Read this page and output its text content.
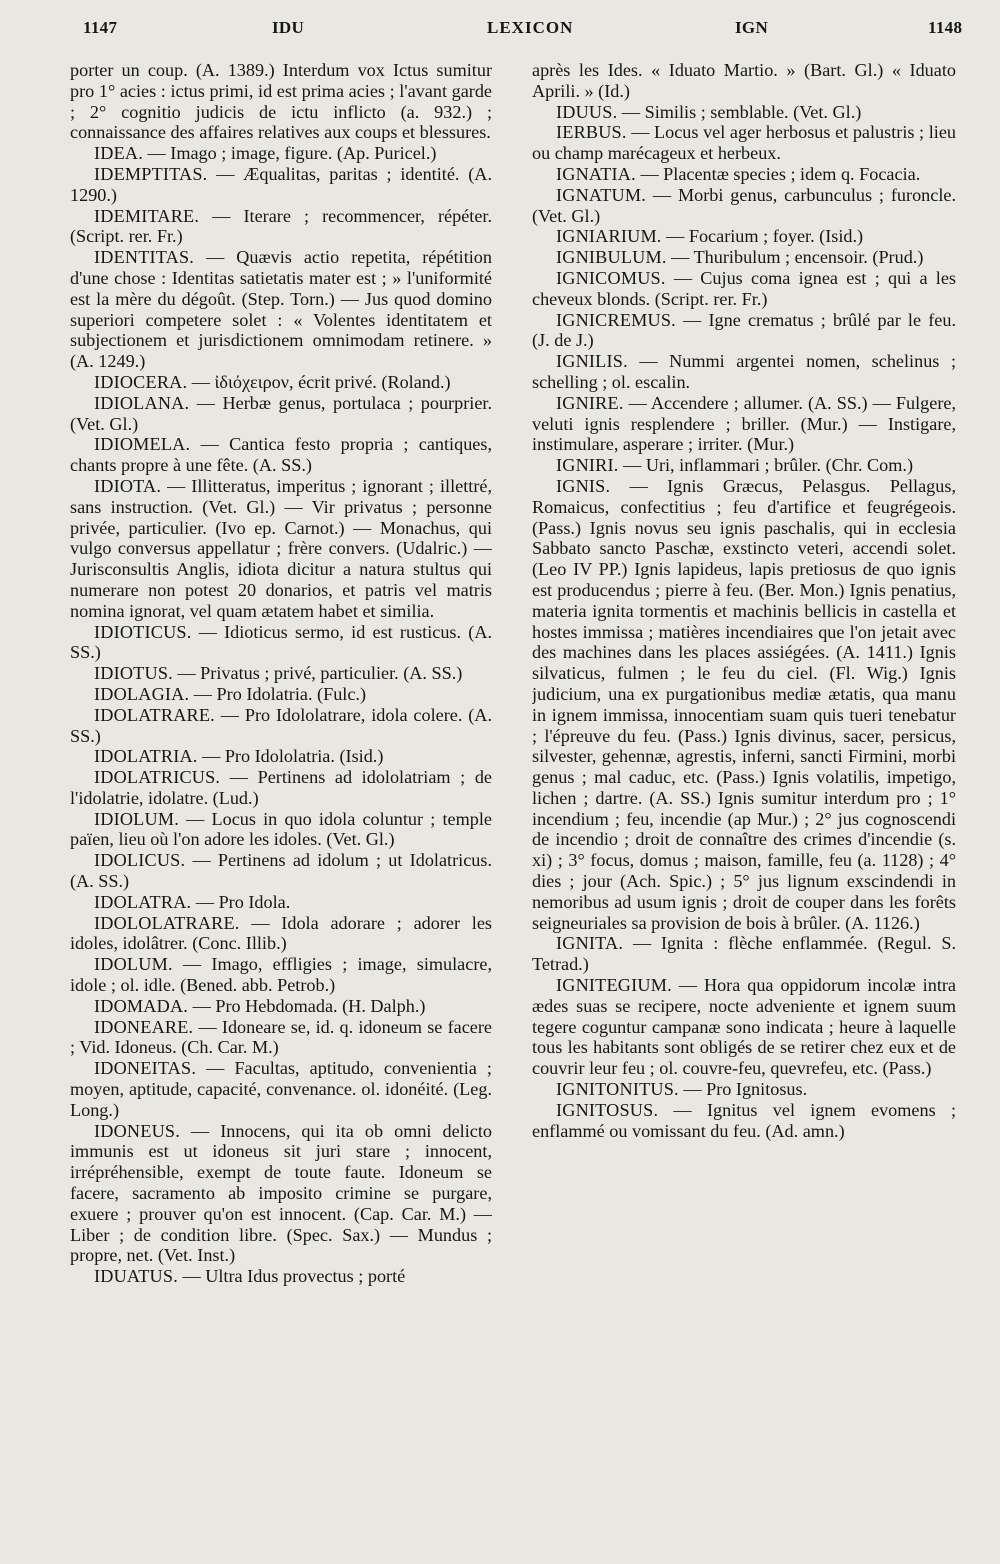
1147	IDU	LEXICON	IGN	1148

porter un coup. (A. 1389.) Interdum vox Ictus sumitur pro 1° acies : ictus primi, id est prima acies ; l'avant garde ; 2° cognitio judicis de ictu inflicto (a. 932.) ; connaissance des affaires relatives aux coups et blessures.

IDEA. — Imago ; image, figure. (Ap. Puricel.)

IDEMPTITAS. — Æqualitas, paritas ; identité. (A. 1290.)

IDEMITARE. — Iterare ; recommencer, répéter. (Script. rer. Fr.)

IDENTITAS. — Quævis actio repetita, répétition d'une chose : Identitas satietatis mater est ; » l'uniformité est la mère du dégoût. (Step. Torn.) — Jus quod domino superiori competere solet : « Volentes identitatem et subjectionem et jurisdictionem omnimodam retinere. » (A. 1249.)

IDIOCERA. — ἰδιόχειρον, écrit privé. (Roland.)

IDIOLANA. — Herbæ genus, portulaca ; pourprier. (Vet. Gl.)

IDIOMELA. — Cantica festo propria ; cantiques, chants propre à une fête. (A. SS.)

IDIOTA. — Illitteratus, imperitus ; ignorant ; illettré, sans instruction. (Vet. Gl.) — Vir privatus ; personne privée, particulier. (Ivo ep. Carnot.) — Monachus, qui vulgo conversus appellatur ; frère convers. (Udalric.) — Jurisconsultis Anglis, idiota dicitur a natura stultus qui numerare non potest 20 donarios, et patris vel matris nomina ignorat, vel quam ætatem habet et similia.

IDIOTICUS. — Idioticus sermo, id est rusticus. (A. SS.)

IDIOTUS. — Privatus ; privé, particulier. (A. SS.)

IDOLAGIA. — Pro Idolatria. (Fulc.)

IDOLATRARE. — Pro Idololatrare, idola colere. (A. SS.)

IDOLATRIA. — Pro Idololatria. (Isid.)

IDOLATRICUS. — Pertinens ad idololatriam ; de l'idolatrie, idolatre. (Lud.)

IDIOLUM. — Locus in quo idola coluntur ; temple païen, lieu où l'on adore les idoles. (Vet. Gl.)

IDOLICUS. — Pertinens ad idolum ; ut Idolatricus. (A. SS.)

IDOLATRA. — Pro Idola.

IDOLOLATRARE. — Idola adorare ; adorer les idoles, idolâtrer. (Conc. Illib.)

IDOLUM. — Imago, effligies ; image, simulacre, idole ; ol. idle. (Bened. abb. Petrob.)

IDOMADA. — Pro Hebdomada. (H. Dalph.)

IDONEARE. — Idoneare se, id. q. idoneum se facere ; Vid. Idoneus. (Ch. Car. M.)

IDONEITAS. — Facultas, aptitudo, convenientia ; moyen, aptitude, capacité, convenance. ol. idonéité. (Leg. Long.)

IDONEUS. — Innocens, qui ita ob omni delicto immunis est ut idoneus sit juri stare ; innocent, irrépréhensible, exempt de toute faute. Idoneum se facere, sacramento ab imposito crimine se purgare, exuere ; prouver qu'on est innocent. (Cap. Car. M.) — Liber ; de condition libre. (Spec. Sax.) — Mundus ; propre, net. (Vet. Inst.)

IDUATUS. — Ultra Idus provectus ; porté

après les Ides. « Iduato Martio. » (Bart. Gl.) « Iduato Aprili. » (Id.)

IDUUS. — Similis ; semblable. (Vet. Gl.)

IERBUS. — Locus vel ager herbosus et palustris ; lieu ou champ marécageux et herbeux.

IGNATIA. — Placentæ species ; idem q. Focacia.

IGNATUM. — Morbi genus, carbunculus ; furoncle. (Vet. Gl.)

IGNIARIUM. — Focarium ; foyer. (Isid.)

IGNIBULUM. — Thuribulum ; encensoir. (Prud.)

IGNICOMUS. — Cujus coma ignea est ; qui a les cheveux blonds. (Script. rer. Fr.)

IGNICREMUS. — Igne crematus ; brûlé par le feu. (J. de J.)

IGNILIS. — Nummi argentei nomen, schelinus ; schelling ; ol. escalin.

IGNIRE. — Accendere ; allumer. (A. SS.) — Fulgere, veluti ignis resplendere ; briller. (Mur.) — Instigare, instimulare, asperare ; irriter. (Mur.)

IGNIRI. — Uri, inflammari ; brûler. (Chr. Com.)

IGNIS. — Ignis Græcus, Pelasgus. Pellagus, Romaicus, confectitius ; feu d'artifice et feugrégeois. (Pass.) Ignis novus seu ignis paschalis, qui in ecclesia Sabbato sancto Paschæ, exstincto veteri, accendi solet. (Leo IV PP.) Ignis lapideus, lapis pretiosus de quo ignis est producendus ; pierre à feu. (Ber. Mon.) Ignis penatius, materia ignita tormentis et machinis bellicis in castella et hostes immissa ; matières incendiaires que l'on jetait avec des machines dans les places assiégées. (A. 1411.) Ignis silvaticus, fulmen ; le feu du ciel. (Fl. Wig.) Ignis judicium, una ex purgationibus mediæ ætatis, qua manu in ignem immissa, innocentiam suam quis tueri tenebatur ; l'épreuve du feu. (Pass.) Ignis divinus, sacer, persicus, silvester, gehennæ, agrestis, inferni, sancti Firmini, morbi genus ; mal caduc, etc. (Pass.) Ignis volatilis, impetigo, lichen ; dartre. (A. SS.) Ignis sumitur interdum pro ; 1° incendium ; feu, incendie (ap Mur.) ; 2° jus cognoscendi de incendio ; droit de connaître des crimes d'incendie (s. xi) ; 3° focus, domus ; maison, famille, feu (a. 1128) ; 4° dies ; jour (Ach. Spic.) ; 5° jus lignum exscindendi in nemoribus ad usum ignis ; droit de couper dans les forêts seigneuriales sa provision de bois à brûler. (A. 1126.)

IGNITA. — Ignita : flèche enflammée. (Regul. S. Tetrad.)

IGNITEGIUM. — Hora qua oppidorum incolæ intra ædes suas se recipere, nocte adveniente et ignem suum tegere coguntur campanæ sono indicata ; heure à laquelle tous les habitants sont obligés de se retirer chez eux et de couvrir leur feu ; ol. couvre-feu, quevrefeu, etc. (Pass.)

IGNITONITUS. — Pro Ignitosus.

IGNITOSUS. — Ignitus vel ignem evomens ; enflammé ou vomissant du feu. (Ad. amn.)
